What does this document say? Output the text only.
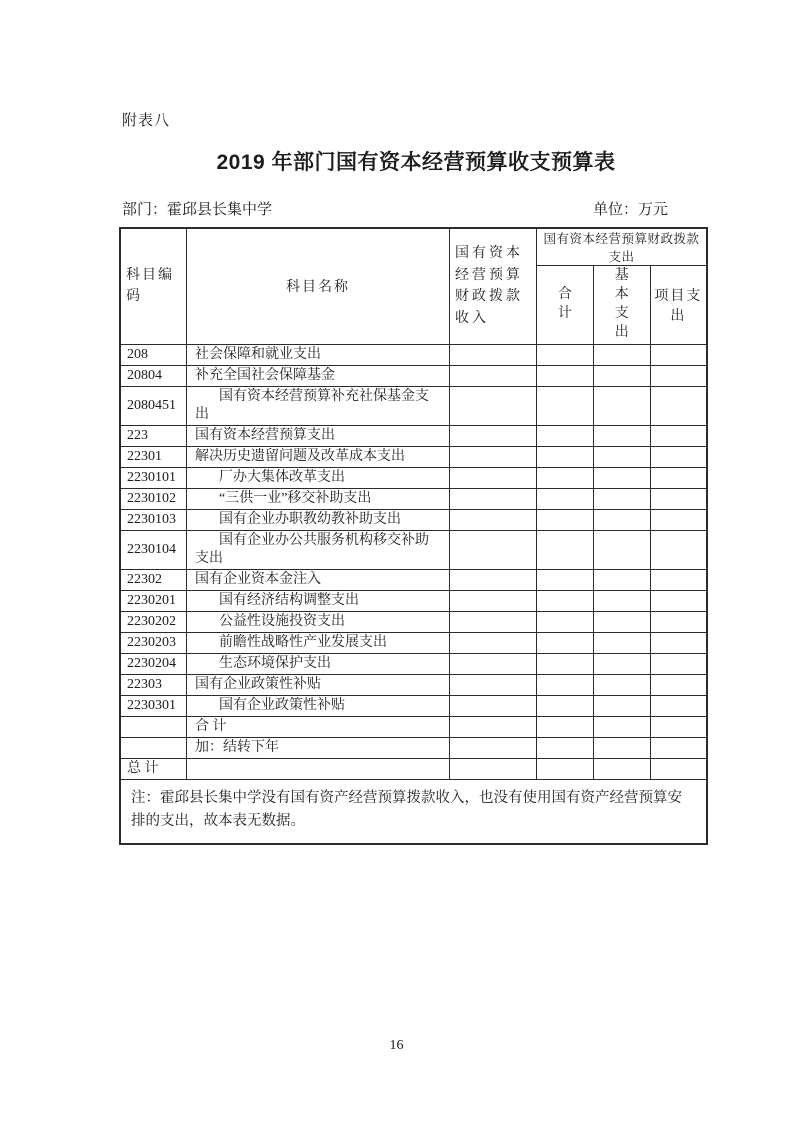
附表八
2019 年部门国有资本经营预算收支预算表
部门：霍邱县长集中学	单位：万元
科目编码	科目名称	国有资本经营预算财政拨款收入	国有资本经营预算财政拨款支出		
			合计	基本支出	项目支出
208	社会保障和就业支出				
20804	补充全国社会保障基金				
2080451	国有资本经营预算补充社保基金支出				
223	国有资本经营预算支出				
22301	解决历史遗留问题及改革成本支出				
2230101	厂办大集体改革支出				
2230102	“三供一业”移交补助支出				
2230103	国有企业办职教幼教补助支出				
2230104	国有企业办公共服务机构移交补助支出				
22302	国有企业资本金注入				
2230201	国有经济结构调整支出				
2230202	公益性设施投资支出				
2230203	前瞻性战略性产业发展支出				
2230204	生态环境保护支出				
22303	国有企业政策性补贴				
2230301	国有企业政策性补贴				
	合 计				
	加：结转下年				
总 计					
注：霍邱县长集中学没有国有资产经营预算拨款收入，也没有使用国有资产经营预算安排的支出，故本表无数据。					
16
